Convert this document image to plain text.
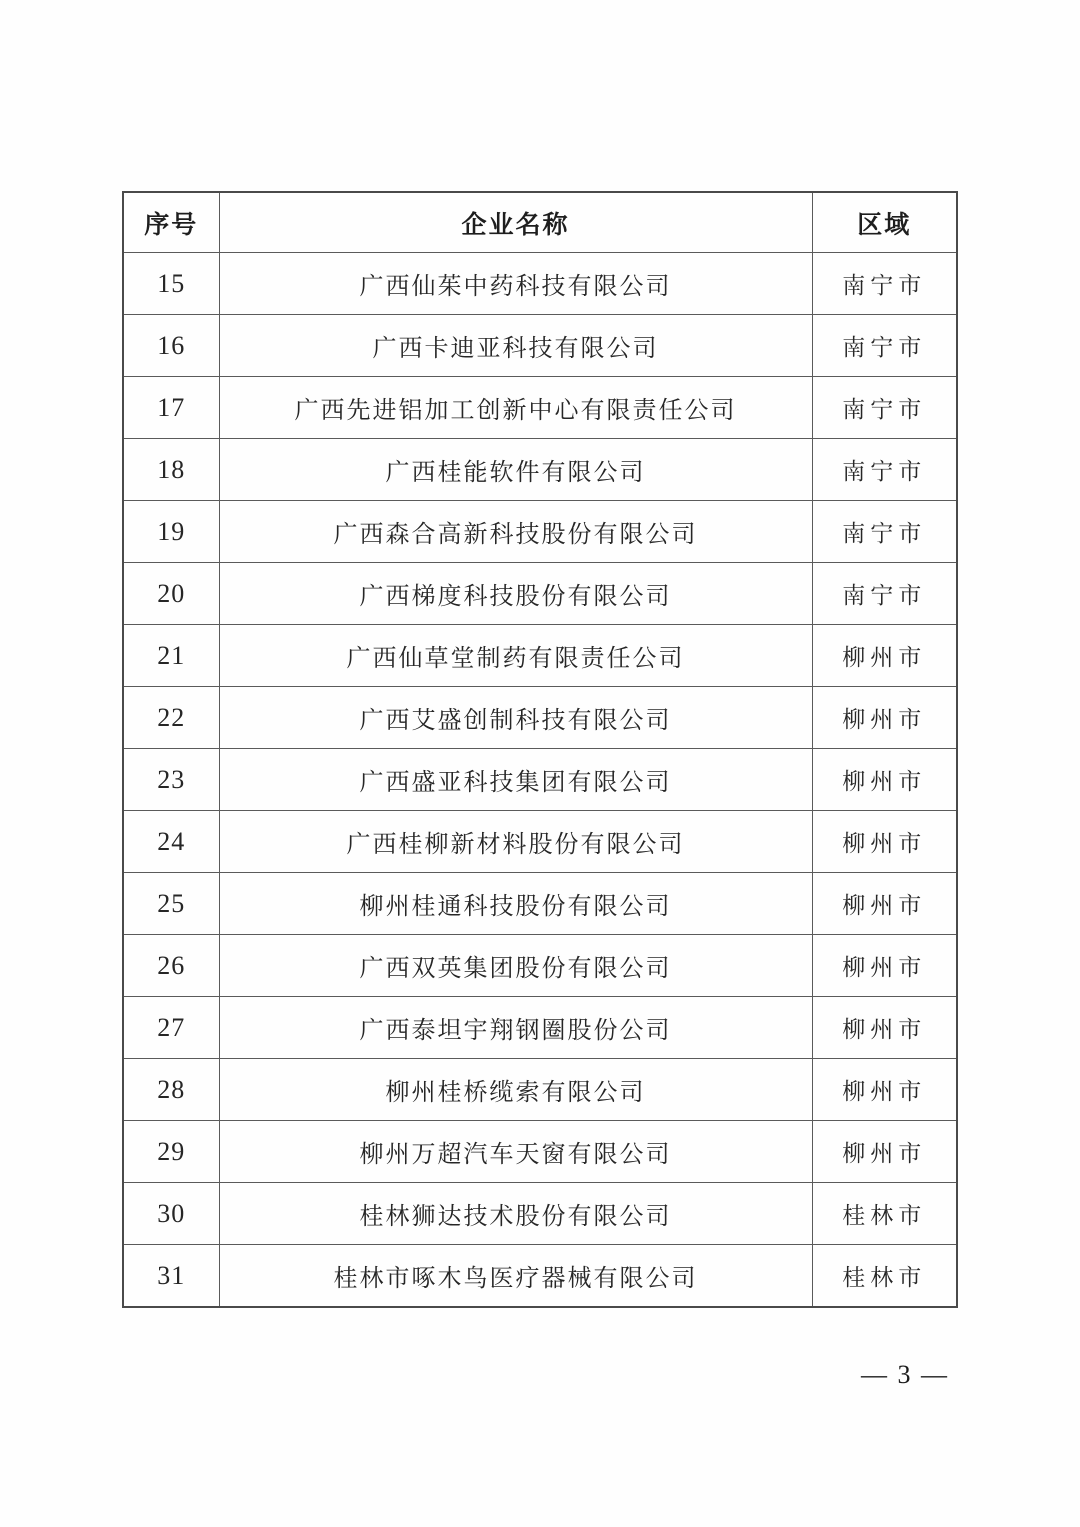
序号	企业名称	区域
15	广西仙茱中药科技有限公司	南宁市
16	广西卡迪亚科技有限公司	南宁市
17	广西先进铝加工创新中心有限责任公司	南宁市
18	广西桂能软件有限公司	南宁市
19	广西森合高新科技股份有限公司	南宁市
20	广西梯度科技股份有限公司	南宁市
21	广西仙草堂制药有限责任公司	柳州市
22	广西艾盛创制科技有限公司	柳州市
23	广西盛亚科技集团有限公司	柳州市
24	广西桂柳新材料股份有限公司	柳州市
25	柳州桂通科技股份有限公司	柳州市
26	广西双英集团股份有限公司	柳州市
27	广西泰坦宇翔钢圈股份公司	柳州市
28	柳州桂桥缆索有限公司	柳州市
29	柳州万超汽车天窗有限公司	柳州市
30	桂林狮达技术股份有限公司	桂林市
31	桂林市啄木鸟医疗器械有限公司	桂林市
— 3 —
